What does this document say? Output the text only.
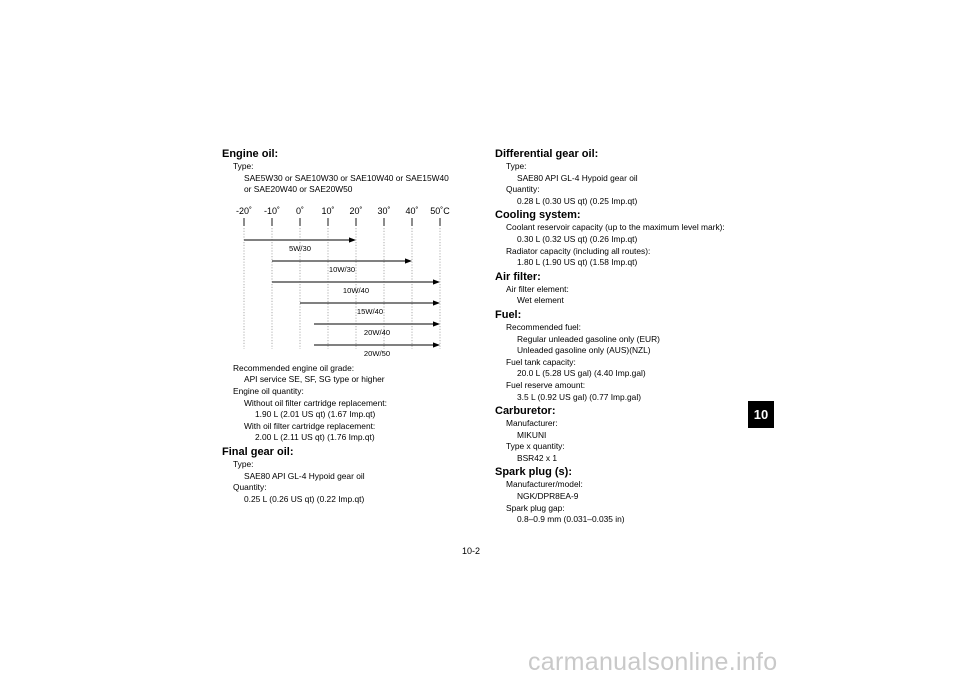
Engine oil:
Type:
SAE5W30 or SAE10W30 or SAE10W40 or SAE15W40
or SAE20W40 or SAE20W50
-20˚ -10˚ 0˚ 10˚ 20˚ 30˚ 40˚ 50˚C
5W/30
10W/30
10W/40
15W/40
20W/40
20W/50
Recommended engine oil grade:
API service SE, SF, SG type or higher
Engine oil quantity:
Without oil filter cartridge replacement:
1.90 L (2.01 US qt) (1.67 Imp.qt)
With oil filter cartridge replacement:
2.00 L (2.11 US qt) (1.76 Imp.qt)
Final gear oil:
Type:
SAE80 API GL-4 Hypoid gear oil
Quantity:
0.25 L (0.26 US qt) (0.22 Imp.qt)
Differential gear oil:
Type:
SAE80 API GL-4 Hypoid gear oil
Quantity:
0.28 L (0.30 US qt) (0.25 Imp.qt)
Cooling system:
Coolant reservoir capacity (up to the maximum level mark):
0.30 L (0.32 US qt) (0.26 Imp.qt)
Radiator capacity (including all routes):
1.80 L (1.90 US qt) (1.58 Imp.qt)
Air filter:
Air filter element:
Wet element
Fuel:
Recommended fuel:
Regular unleaded gasoline only (EUR)
Unleaded gasoline only (AUS)(NZL)
Fuel tank capacity:
20.0 L (5.28 US gal) (4.40 Imp.gal)
Fuel reserve amount:
3.5 L (0.92 US gal) (0.77 Imp.gal)
Carburetor:
Manufacturer:
MIKUNI
Type x quantity:
BSR42 x 1
Spark plug (s):
Manufacturer/model:
NGK/DPR8EA-9
Spark plug gap:
0.8–0.9 mm (0.031–0.035 in)
10
10-2
carmanualsonline.info
